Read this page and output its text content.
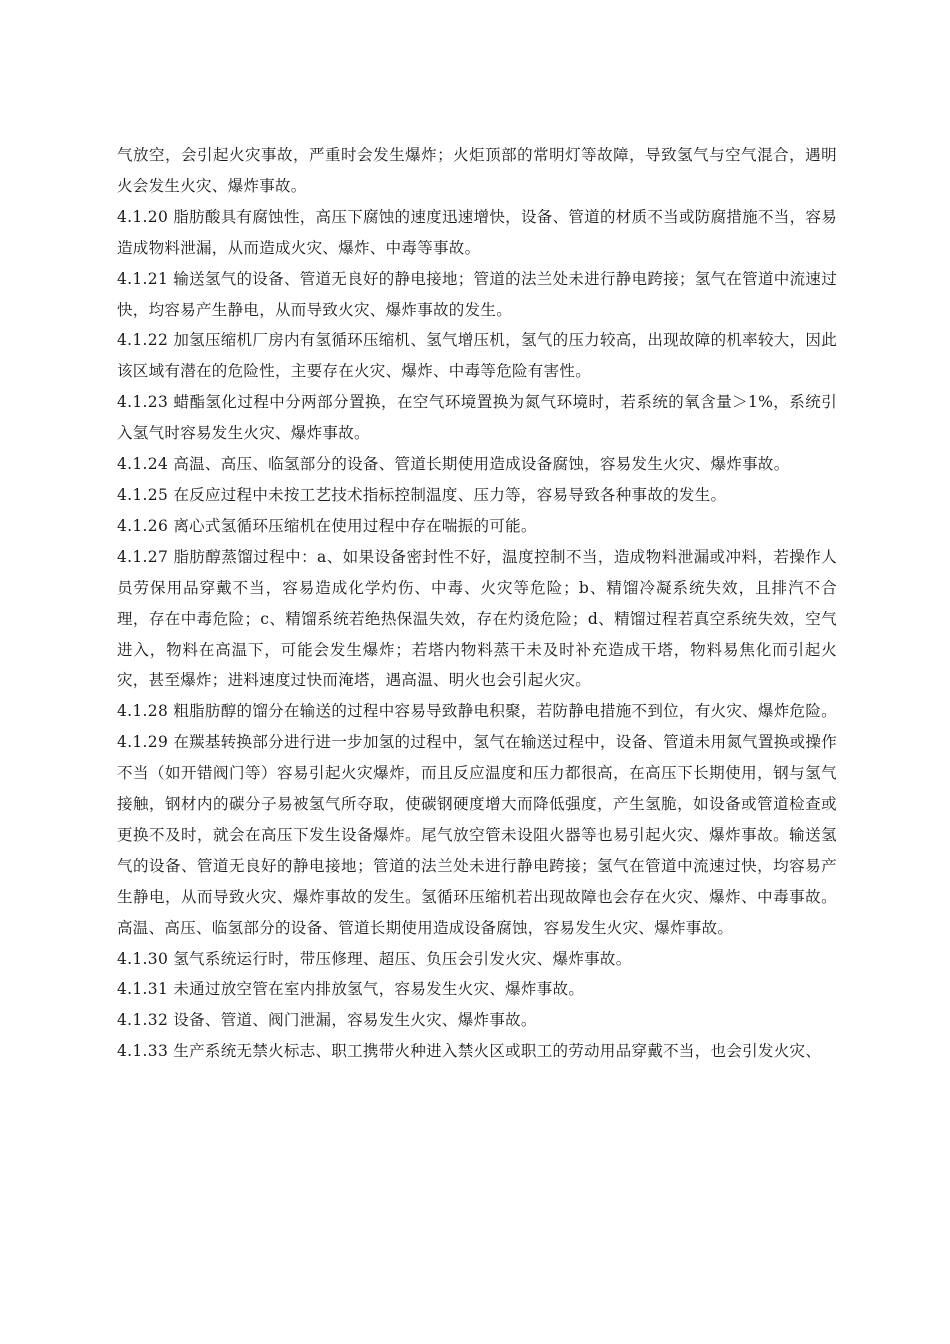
气放空，会引起火灾事故，严重时会发生爆炸；火炬顶部的常明灯等故障，导致氢气与空气混合，遇明火会发生火灾、爆炸事故。

4.1.20 脂肪酸具有腐蚀性，高压下腐蚀的速度迅速增快，设备、管道的材质不当或防腐措施不当，容易造成物料泄漏，从而造成火灾、爆炸、中毒等事故。

4.1.21 输送氢气的设备、管道无良好的静电接地；管道的法兰处未进行静电跨接；氢气在管道中流速过快，均容易产生静电，从而导致火灾、爆炸事故的发生。

4.1.22 加氢压缩机厂房内有氢循环压缩机、氢气增压机，氢气的压力较高，出现故障的机率较大，因此该区域有潜在的危险性，主要存在火灾、爆炸、中毒等危险有害性。

4.1.23 蜡酯氢化过程中分两部分置换，在空气环境置换为氮气环境时，若系统的氧含量＞1%，系统引入氢气时容易发生火灾、爆炸事故。

4.1.24 高温、高压、临氢部分的设备、管道长期使用造成设备腐蚀，容易发生火灾、爆炸事故。

4.1.25 在反应过程中未按工艺技术指标控制温度、压力等，容易导致各种事故的发生。

4.1.26 离心式氢循环压缩机在使用过程中存在喘振的可能。

4.1.27 脂肪醇蒸馏过程中：a、如果设备密封性不好，温度控制不当，造成物料泄漏或冲料，若操作人员劳保用品穿戴不当，容易造成化学灼伤、中毒、火灾等危险；b、精馏冷凝系统失效，且排汽不合理，存在中毒危险；c、精馏系统若绝热保温失效，存在灼烫危险；d、精馏过程若真空系统失效，空气进入，物料在高温下，可能会发生爆炸；若塔内物料蒸干未及时补充造成干塔，物料易焦化而引起火灾，甚至爆炸；进料速度过快而淹塔，遇高温、明火也会引起火灾。

4.1.28 粗脂肪醇的馏分在输送的过程中容易导致静电积聚，若防静电措施不到位，有火灾、爆炸危险。

4.1.29 在羰基转换部分进行进一步加氢的过程中，氢气在输送过程中，设备、管道未用氮气置换或操作不当（如开错阀门等）容易引起火灾爆炸，而且反应温度和压力都很高，在高压下长期使用，钢与氢气接触，钢材内的碳分子易被氢气所夺取，使碳钢硬度增大而降低强度，产生氢脆，如设备或管道检查或更换不及时，就会在高压下发生设备爆炸。尾气放空管未设阻火器等也易引起火灾、爆炸事故。输送氢气的设备、管道无良好的静电接地；管道的法兰处未进行静电跨接；氢气在管道中流速过快，均容易产生静电，从而导致火灾、爆炸事故的发生。氢循环压缩机若出现故障也会存在火灾、爆炸、中毒事故。高温、高压、临氢部分的设备、管道长期使用造成设备腐蚀，容易发生火灾、爆炸事故。

4.1.30 氢气系统运行时，带压修理、超压、负压会引发火灾、爆炸事故。

4.1.31 未通过放空管在室内排放氢气，容易发生火灾、爆炸事故。

4.1.32 设备、管道、阀门泄漏，容易发生火灾、爆炸事故。

4.1.33 生产系统无禁火标志、职工携带火种进入禁火区或职工的劳动用品穿戴不当，也会引发火灾、
